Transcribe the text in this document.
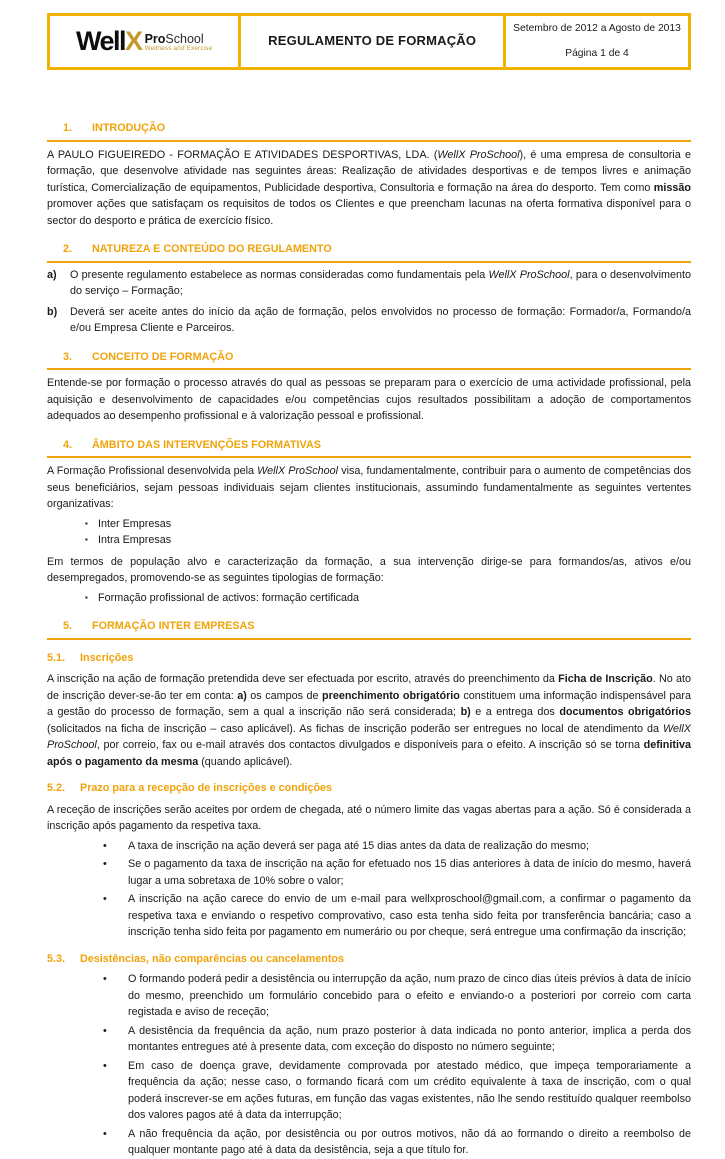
WellX ProSchool
Wellness and Exercise	REGULAMENTO DE FORMAÇÃO
Setembro de 2012 a Agosto de 2013
Página 1 de 4
1. INTRODUÇÃO

A PAULO FIGUEIREDO - FORMAÇÃO E ATIVIDADES DESPORTIVAS, LDA. (WellX ProSchool), é uma empresa de consultoria e formação, que desenvolve atividade nas seguintes áreas: Realização de atividades desportivas e de tempos livres e animação turística, Comercialização de equipamentos, Publicidade desportiva, Consultoria e formação na área do desporto. Tem como missão promover ações que satisfaçam os requisitos de todos os Clientes e que preencham lacunas na oferta formativa disponível para o sector do desporto e prática de exercício físico.

2. NATUREZA E CONTEÚDO DO REGULAMENTO
a)	O presente regulamento estabelece as normas consideradas como fundamentais pela WellX ProSchool, para o desenvolvimento do serviço – Formação;
b)	Deverá ser aceite antes do início da ação de formação, pelos envolvidos no processo de formação: Formador/a, Formando/a e/ou Empresa Cliente e Parceiros.
3. CONCEITO DE FORMAÇÃO

Entende-se por formação o processo através do qual as pessoas se preparam para o exercício de uma actividade profissional, pela aquisição e desenvolvimento de capacidades e/ou competências cujos resultados possibilitam a adoção de comportamentos adequados ao desempenho profissional e à valorização pessoal e profissional.

4. ÂMBITO DAS INTERVENÇÕES FORMATIVAS

A Formação Profissional desenvolvida pela WellX ProSchool visa, fundamentalmente, contribuir para o aumento de competências dos seus beneficiários, sejam pessoas individuais sejam clientes institucionais, assumindo fundamentalmente as seguintes vertentes organizativas:

▪ Inter Empresas
▪ Intra Empresas

Em termos de população alvo e caracterização da formação, a sua intervenção dirige-se para formandos/as, ativos e/ou desempregados, promovendo-se as seguintes tipologias de formação:

▪ Formação profissional de activos: formação certificada
5. FORMAÇÃO INTER EMPRESAS
5.1. Inscrições

A inscrição na ação de formação pretendida deve ser efectuada por escrito, através do preenchimento da Ficha de Inscrição. No ato de inscrição dever-se-ão ter em conta: a) os campos de preenchimento obrigatório constituem uma informação indispensável para a gestão do processo de formação, sem a qual a inscrição não será considerada; b) e a entrega dos documentos obrigatórios (solicitados na ficha de inscrição – caso aplicável). As fichas de inscrição poderão ser entregues no local de atendimento da WellX ProSchool, por correio, fax ou e-mail através dos contactos divulgados e disponíveis para o efeito. A inscrição só se torna definitiva após o pagamento da mesma (quando aplicável).

5.2. Prazo para a recepção de inscrições e condições

A receção de inscrições serão aceites por ordem de chegada, até o número limite das vagas abertas para a ação. Só é considerada a inscrição após pagamento da respetiva taxa.

•	A taxa de inscrição na ação deverá ser paga até 15 dias antes da data de realização do mesmo;
•	Se o pagamento da taxa de inscrição na ação for efetuado nos 15 dias anteriores à data de início do mesmo, haverá lugar a uma sobretaxa de 10% sobre o valor;
•	A inscrição na ação carece do envio de um e-mail para wellxproschool@gmail.com, a confirmar o pagamento da respetiva taxa e enviando o respetivo comprovativo, caso esta tenha sido feita por transferência bancária; caso a inscrição tenha sido feita por pagamento em numerário ou por cheque, será entregue uma confirmação da inscrição;
5.3. Desistências, não comparências ou cancelamentos
•	O formando poderá pedir a desistência ou interrupção da ação, num prazo de cinco dias úteis prévios à data de início do mesmo, preenchido um formulário concebido para o efeito e enviando-o a posteriori por correio com carta registada e aviso de receção;
•	A desistência da frequência da ação, num prazo posterior à data indicada no ponto anterior, implica a perda dos montantes entregues até à presente data, com exceção do disposto no número seguinte;
•	Em caso de doença grave, devidamente comprovada por atestado médico, que impeça temporariamente a frequência da ação; nesse caso, o formando ficará com um crédito equivalente à taxa de inscrição, com o qual poderá inscrever-se em ações futuras, em função das vagas existentes, não lhe sendo restituído qualquer reembolso dos valores pagos até à data da interrupção;
•	A não frequência da ação, por desistência ou por outros motivos, não dá ao formando o direito a reembolso de qualquer montante pago até à data da desistência, seja a que título for.
